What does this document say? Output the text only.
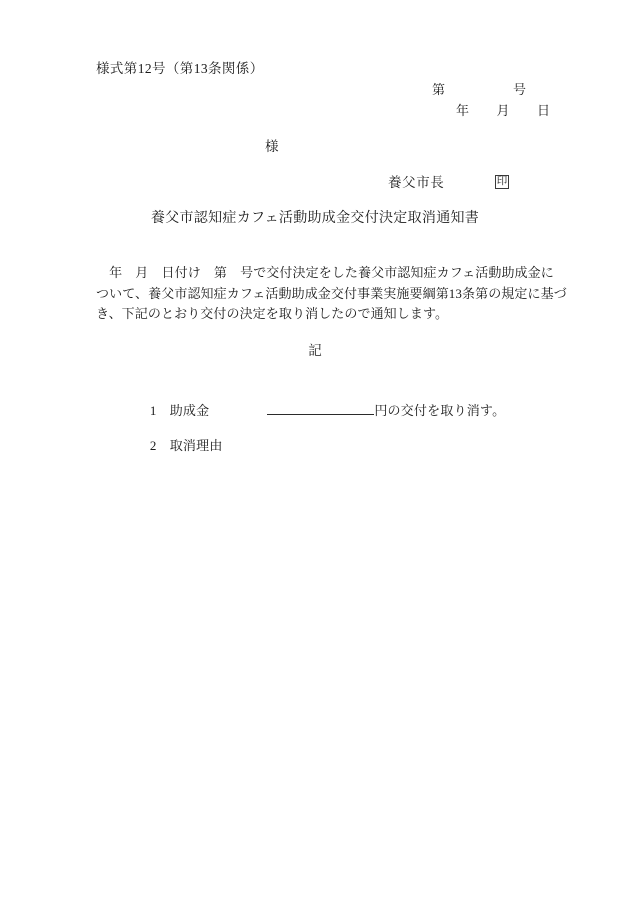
様式第12号（第13条関係）
第　　　　　号
年　　月　　日
様
養父市長	印
養父市認知症カフェ活動助成金交付決定取消通知書
　年　月　日付け　第　号で交付決定をした養父市認知症カフェ活動助成金に
ついて、養父市認知症カフェ活動助成金交付事業実施要綱第13条第の規定に基づ
き、下記のとおり交付の決定を取り消したので通知します。
記

1　 助成金	円の交付を取り消す。

2　 取消理由
